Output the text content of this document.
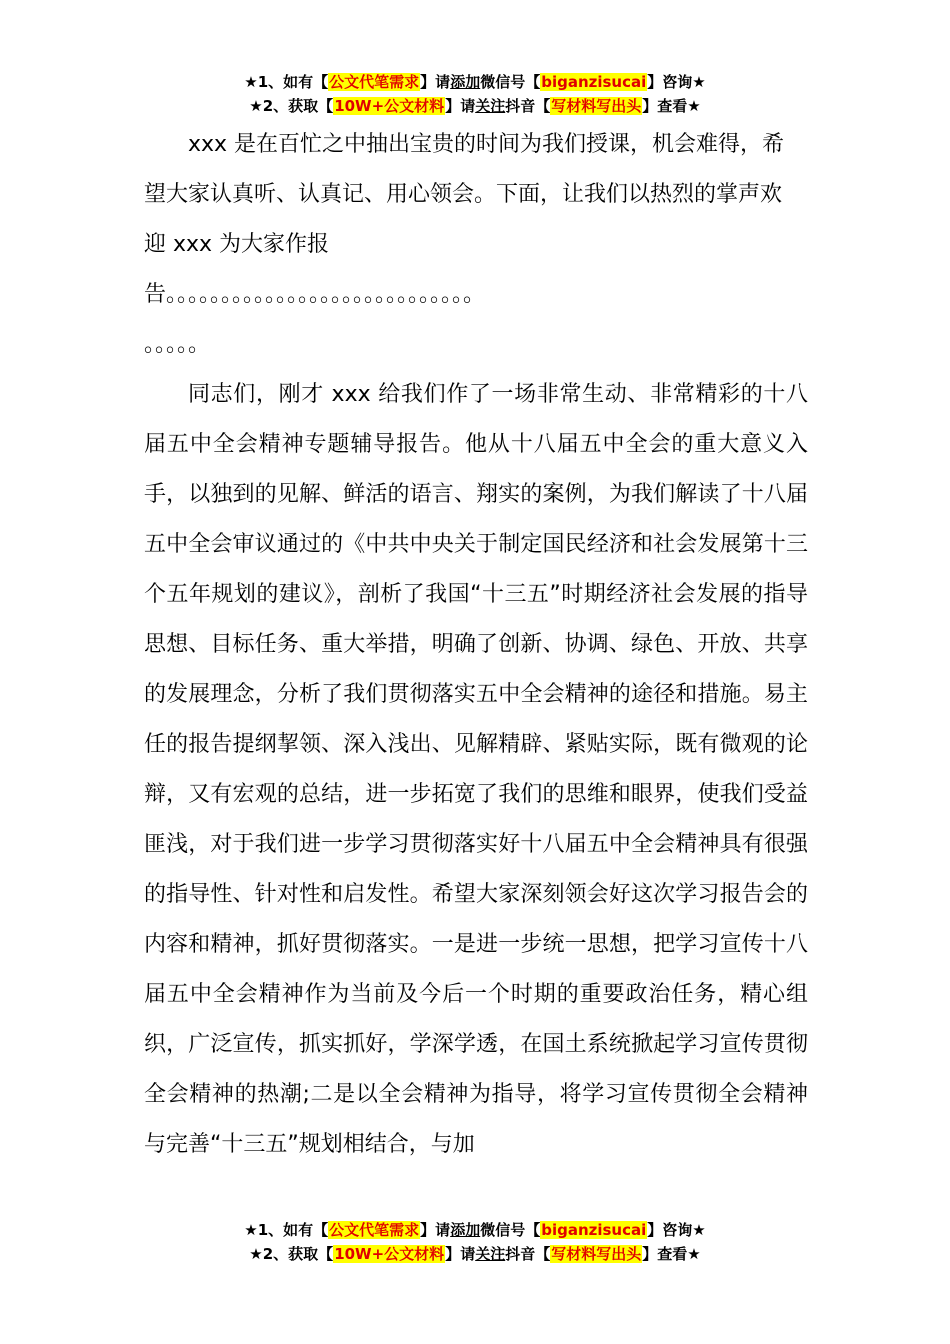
★1、如有【公文代笔需求】请添加微信号【biganzisucai】咨询★
★2、获取【10W+公文材料】请关注抖音【写材料写出头】查看★

xxx 是在百忙之中抽出宝贵的时间为我们授课，机会难得，希

望大家认真听、认真记、用心领会。下面，让我们以热烈的掌声欢

迎 xxx 为大家作报

告。。。。。。。。。。。。。。。。。。。。。。。。。。。。

。。。。。

同志们，刚才 xxx 给我们作了一场非常生动、非常精彩的十八届五中全会精神专题辅导报告。他从十八届五中全会的重大意义入手，以独到的见解、鲜活的语言、翔实的案例，为我们解读了十八届五中全会审议通过的《中共中央关于制定国民经济和社会发展第十三个五年规划的建议》，剖析了我国“十三五”时期经济社会发展的指导思想、目标任务、重大举措，明确了创新、协调、绿色、开放、共享的发展理念，分析了我们贯彻落实五中全会精神的途径和措施。易主任的报告提纲挈领、深入浅出、见解精辟、紧贴实际，既有微观的论辩，又有宏观的总结，进一步拓宽了我们的思维和眼界，使我们受益匪浅，对于我们进一步学习贯彻落实好十八届五中全会精神具有很强的指导性、针对性和启发性。希望大家深刻领会好这次学习报告会的内容和精神，抓好贯彻落实。一是进一步统一思想，把学习宣传十八届五中全会精神作为当前及今后一个时期的重要政治任务，精心组织，广泛宣传，抓实抓好，学深学透，在国土系统掀起学习宣传贯彻全会精神的热潮;二是以全会精神为指导，将学习宣传贯彻全会精神与完善“十三五”规划相结合，与加

★1、如有【公文代笔需求】请添加微信号【biganzisucai】咨询★
★2、获取【10W+公文材料】请关注抖音【写材料写出头】查看★
